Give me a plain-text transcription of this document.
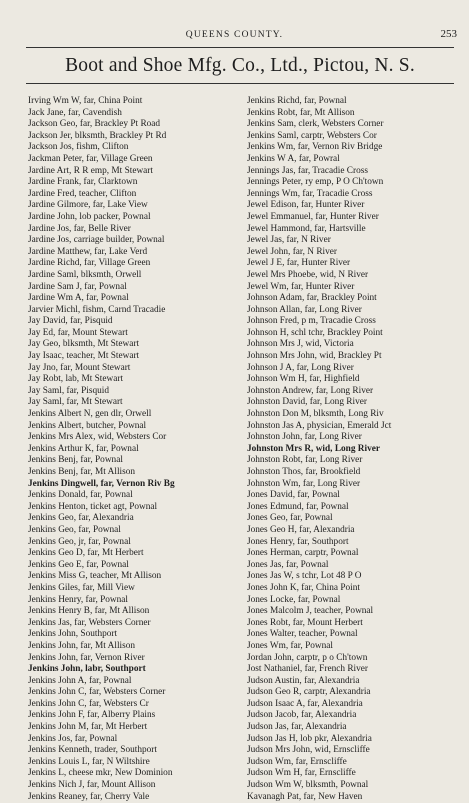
QUEENS COUNTY.	253
Boot and Shoe Mfg. Co., Ltd., Pictou, N. S.
Irving Wm W, far, China Point
Jack Jane, far, Cavendish
Jackson Geo, far, Brackley Pt Road
Jackson Jer, blksmth, Brackley Pt Rd
Jackson Jos, fishm, Clifton
Jackman Peter, far, Village Green
Jardine Art, R R emp, Mt Stewart
Jardine Frank, far, Clarktown
Jardine Fred, teacher, Clifton
Jardine Gilmore, far, Lake View
Jardine John, lob packer, Pownal
Jardine Jos, far, Belle River
Jardine Jos, carriage builder, Pownal
Jardine Matthew, far, Lake Verd
Jardine Richd, far, Village Green
Jardine Saml, blksmth, Orwell
Jardine Sam J, far, Pownal
Jardine Wm A, far, Pownal
Jarvier Michl, fishm, Carnd Tracadie
Jay David, far, Pisquid
Jay Ed, far, Mount Stewart
Jay Geo, blksmth, Mt Stewart
Jay Isaac, teacher, Mt Stewart
Jay Jno, far, Mount Stewart
Jay Robt, lab, Mt Stewart
Jay Saml, far, Pisquid
Jay Saml, far, Mt Stewart
Jenkins Albert N, gen dlr, Orwell
Jenkins Albert, butcher, Pownal
Jenkins Mrs Alex, wid, Websters Cor
Jenkins Arthur K, far, Pownal
Jenkins Benj, far, Pownal
Jenkins Benj, far, Mt Allison
Jenkins Dingwell, far, Vernon Riv Bg
Jenkins Donald, far, Pownal
Jenkins Henton, ticket agt, Pownal
Jenkins Geo, far, Alexandria
Jenkins Geo, far, Pownal
Jenkins Geo, jr, far, Pownal
Jenkins Geo D, far, Mt Herbert
Jenkins Geo E, far, Pownal
Jenkins Miss G, teacher, Mt Allison
Jenkins Giles, far, Mill View
Jenkins Henry, far, Pownal
Jenkins Henry B, far, Mt Allison
Jenkins Jas, far, Websters Corner
Jenkins John, Southport
Jenkins John, far, Mt Allison
Jenkins John, far, Vernon River
Jenkins John, labr, Southport
Jenkins John A, far, Pownal
Jenkins John C, far, Websters Corner
Jenkins John C, far, Websters Cr
Jenkins John F, far, Alberry Plains
Jenkins John M, far, Mt Herbert
Jenkins Jos, far, Pownal
Jenkins Kenneth, trader, Southport
Jenkins Louis L, far, N Wiltshire
Jenkins L, cheese mkr, New Dominion
Jenkins Nich J, far, Mount Allison
Jenkins Reaney, far, Cherry Vale
Jenkins Richd, far, Pownal
Jenkins Robt, far, Mt Allison
Jenkins Sam, clerk, Websters Corner
Jenkins Saml, carptr, Websters Cor
Jenkins Wm, far, Vernon Riv Bridge
Jenkins W A, far, Powral
Jennings Jas, far, Tracadie Cross
Jennings Peter, ry emp, P O Ch'town
Jennings Wm, far, Tracadie Cross
Jewel Edison, far, Hunter River
Jewel Emmanuel, far, Hunter River
Jewel Hammond, far, Hartsville
Jewel Jas, far, N River
Jewel John, far, N River
Jewel J E, far, Hunter River
Jewel Mrs Phoebe, wid, N River
Jewel Wm, far, Hunter River
Johnson Adam, far, Brackley Point
Johnson Allan, far, Long River
Johnson Fred, p m, Tracadie Cross
Johnson H, schl tchr, Brackley Point
Johnson Mrs J, wid, Victoria
Johnson Mrs John, wid, Brackley Pt
Johnson J A, far, Long River
Johnson Wm H, far, Highfield
Johnston Andrew, far, Long River
Johnston David, far, Long River
Johnston Don M, blksmth, Long Riv
Johnston Jas A, physician, Emerald Jct
Johnston John, far, Long River
Johnston Mrs R, wid, Long River
Johnston Robt, far, Long River
Johnston Thos, far, Brookfield
Johnston Wm, far, Long River
Jones David, far, Pownal
Jones Edmund, far, Pownal
Jones Geo, far, Pownal
Jones Geo H, far, Alexandria
Jones Henry, far, Southport
Jones Herman, carptr, Pownal
Jones Jas, far, Pownal
Jones Jas W, s tchr, Lot 48 P O
Jones John K, far, China Point
Jones Locke, far, Pownal
Jones Malcolm J, teacher, Pownal
Jones Robt, far, Mount Herbert
Jones Walter, teacher, Pownal
Jones Wm, far, Pownal
Jordan John, carptr, p o Ch'town
Jost Nathaniel, far, French River
Judson Austin, far, Alexandria
Judson Geo R, carptr, Alexandria
Judson Isaac A, far, Alexandria
Judson Jacob, far, Alexandria
Judson Jas, far, Alexandria
Judson Jas H, lob pkr, Alexandria
Judson Mrs John, wid, Ernscliffe
Judson Wm, far, Ernscliffe
Judson Wm H, far, Ernscliffe
Judson Wm W, blksmth, Pownal
Kavanagh Pat, far, New Haven
